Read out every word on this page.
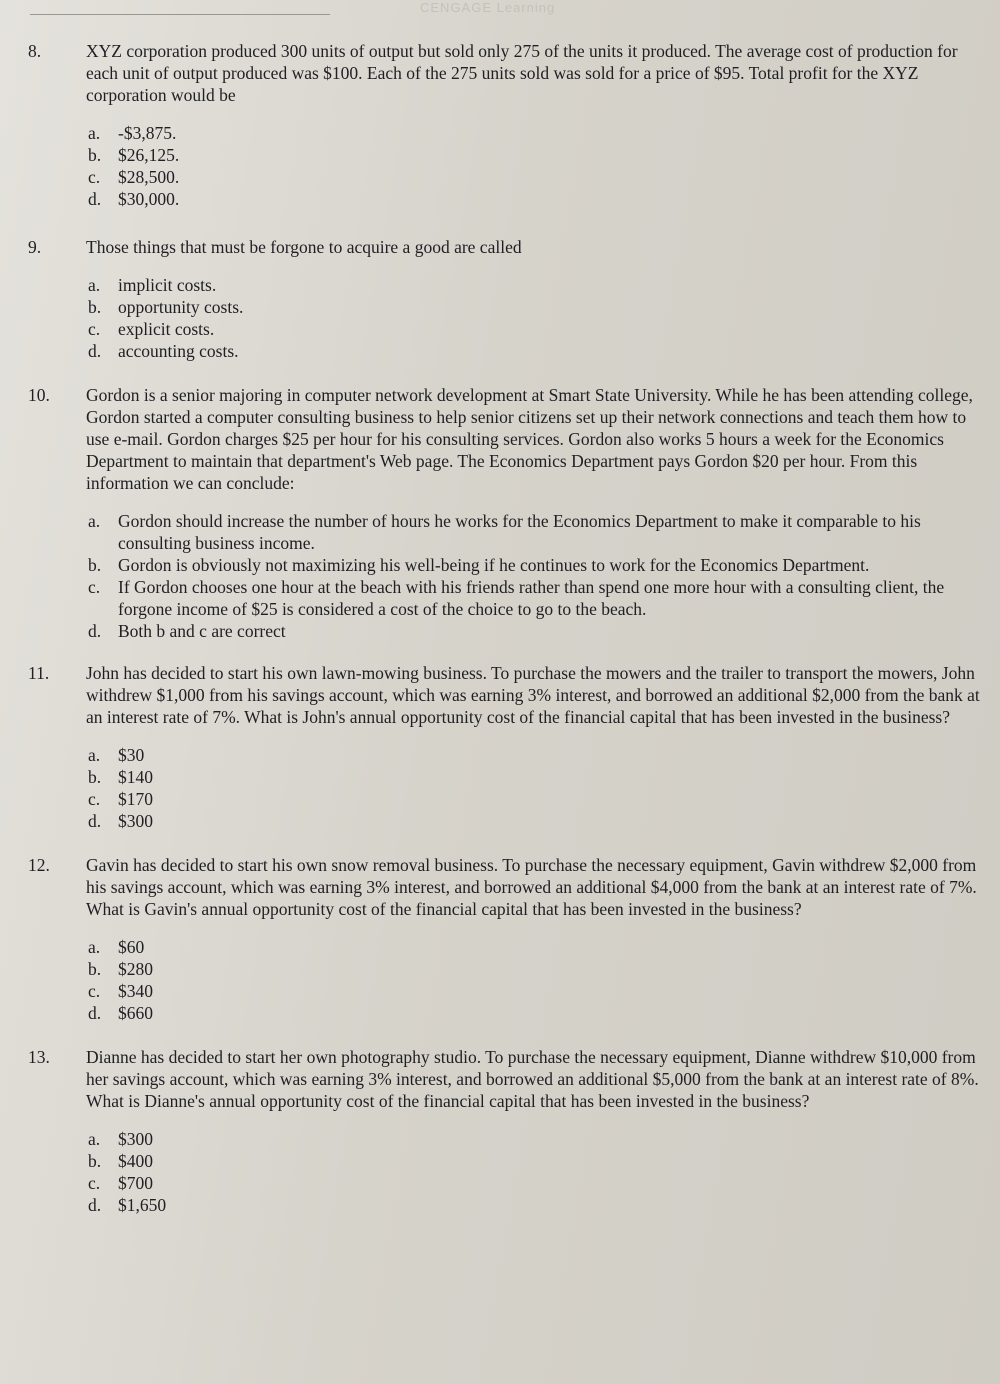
CENGAGE Learning
8.	XYZ corporation produced 300 units of output but sold only 275 of the units it produced. The average cost of production for each unit of output produced was $100. Each of the 275 units sold was sold for a price of $95. Total profit for the XYZ corporation would be
a.	-$3,875.
b. $26,125.
c.	$28,500.
d. $30,000.
9.	Those things that must be forgone to acquire a good are called
a.	implicit costs.
b. opportunity costs.
c.	explicit costs.
d. accounting costs.
10.	Gordon is a senior majoring in computer network development at Smart State University. While he has been attending college, Gordon started a computer consulting business to help senior citizens set up their network connections and teach them how to use e-mail. Gordon charges $25 per hour for his consulting services. Gordon also works 5 hours a week for the Economics Department to maintain that department's Web page. The Economics Department pays Gordon $20 per hour. From this information we can conclude:
a.	Gordon should increase the number of hours he works for the Economics Department to make it comparable to his consulting business income.
b. Gordon is obviously not maximizing his well-being if he continues to work for the Economics Department.
c.	If Gordon chooses one hour at the beach with his friends rather than spend one more hour with a consulting client, the forgone income of $25 is considered a cost of the choice to go to the beach.
d. Both b and c are correct
11.	John has decided to start his own lawn-mowing business. To purchase the mowers and the trailer to transport the mowers, John withdrew $1,000 from his savings account, which was earning 3% interest, and borrowed an additional $2,000 from the bank at an interest rate of 7%. What is John's annual opportunity cost of the financial capital that has been invested in the business?
a.	$30
b. $140
c.	$170
d. $300
12.	Gavin has decided to start his own snow removal business. To purchase the necessary equipment, Gavin withdrew $2,000 from his savings account, which was earning 3% interest, and borrowed an additional $4,000 from the bank at an interest rate of 7%. What is Gavin's annual opportunity cost of the financial capital that has been invested in the business?
a.	$60
b. $280
c.	$340
d. $660
13.	Dianne has decided to start her own photography studio. To purchase the necessary equipment, Dianne withdrew $10,000 from her savings account, which was earning 3% interest, and borrowed an additional $5,000 from the bank at an interest rate of 8%. What is Dianne's annual opportunity cost of the financial capital that has been invested in the business?
a.	$300
b. $400
c.	$700
d. $1,650
